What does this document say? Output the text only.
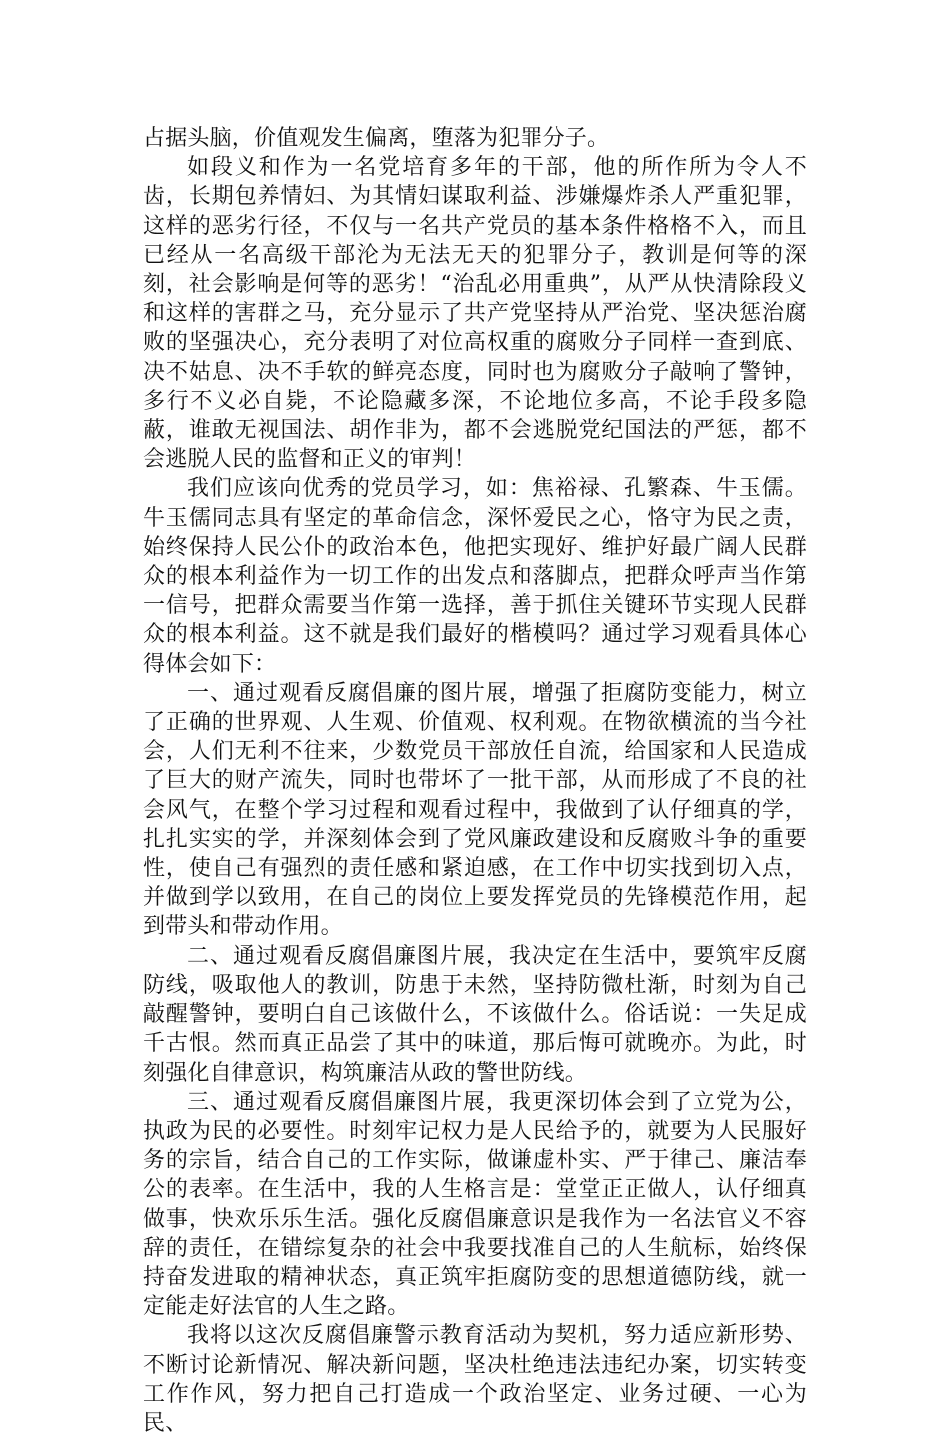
占据头脑，价值观发生偏离，堕落为犯罪分子。

如段义和作为一名党培育多年的干部，他的所作所为令人不齿，长期包养情妇、为其情妇谋取利益、涉嫌爆炸杀人严重犯罪，这样的恶劣行径，不仅与一名共产党员的基本条件格格不入，而且已经从一名高级干部沦为无法无天的犯罪分子，教训是何等的深刻，社会影响是何等的恶劣！“治乱必用重典”，从严从快清除段义和这样的害群之马，充分显示了共产党坚持从严治党、坚决惩治腐败的坚强决心，充分表明了对位高权重的腐败分子同样一查到底、决不姑息、决不手软的鲜亮态度，同时也为腐败分子敲响了警钟，多行不义必自毙，不论隐藏多深，不论地位多高，不论手段多隐蔽，谁敢无视国法、胡作非为，都不会逃脱党纪国法的严惩，都不会逃脱人民的监督和正义的审判！

我们应该向优秀的党员学习，如：焦裕禄、孔繁森、牛玉儒。牛玉儒同志具有坚定的革命信念，深怀爱民之心，恪守为民之责，始终保持人民公仆的政治本色，他把实现好、维护好最广阔人民群众的根本利益作为一切工作的出发点和落脚点，把群众呼声当作第一信号，把群众需要当作第一选择，善于抓住关键环节实现人民群众的根本利益。这不就是我们最好的楷模吗？通过学习观看具体心得体会如下：

一、通过观看反腐倡廉的图片展，增强了拒腐防变能力，树立了正确的世界观、人生观、价值观、权利观。在物欲横流的当今社会，人们无利不往来，少数党员干部放任自流，给国家和人民造成了巨大的财产流失，同时也带坏了一批干部，从而形成了不良的社会风气，在整个学习过程和观看过程中，我做到了认仔细真的学，扎扎实实的学，并深刻体会到了党风廉政建设和反腐败斗争的重要性，使自己有强烈的责任感和紧迫感，在工作中切实找到切入点，并做到学以致用，在自己的岗位上要发挥党员的先锋模范作用，起到带头和带动作用。

二、通过观看反腐倡廉图片展，我决定在生活中，要筑牢反腐防线，吸取他人的教训，防患于未然，坚持防微杜渐，时刻为自己敲醒警钟，要明白自己该做什么，不该做什么。俗话说：一失足成千古恨。然而真正品尝了其中的味道，那后悔可就晚亦。为此，时刻强化自律意识，构筑廉洁从政的警世防线。

三、通过观看反腐倡廉图片展，我更深切体会到了立党为公，执政为民的必要性。时刻牢记权力是人民给予的，就要为人民服好务的宗旨，结合自己的工作实际，做谦虚朴实、严于律己、廉洁奉公的表率。在生活中，我的人生格言是：堂堂正正做人，认仔细真做事，快欢乐乐生活。强化反腐倡廉意识是我作为一名法官义不容辞的责任，在错综复杂的社会中我要找准自己的人生航标，始终保持奋发进取的精神状态，真正筑牢拒腐防变的思想道德防线，就一定能走好法官的人生之路。

我将以这次反腐倡廉警示教育活动为契机，努力适应新形势、不断讨论新情况、解决新问题，坚决杜绝违法违纪办案，切实转变工作作风，努力把自己打造成一个政治坚定、业务过硬、一心为民、
